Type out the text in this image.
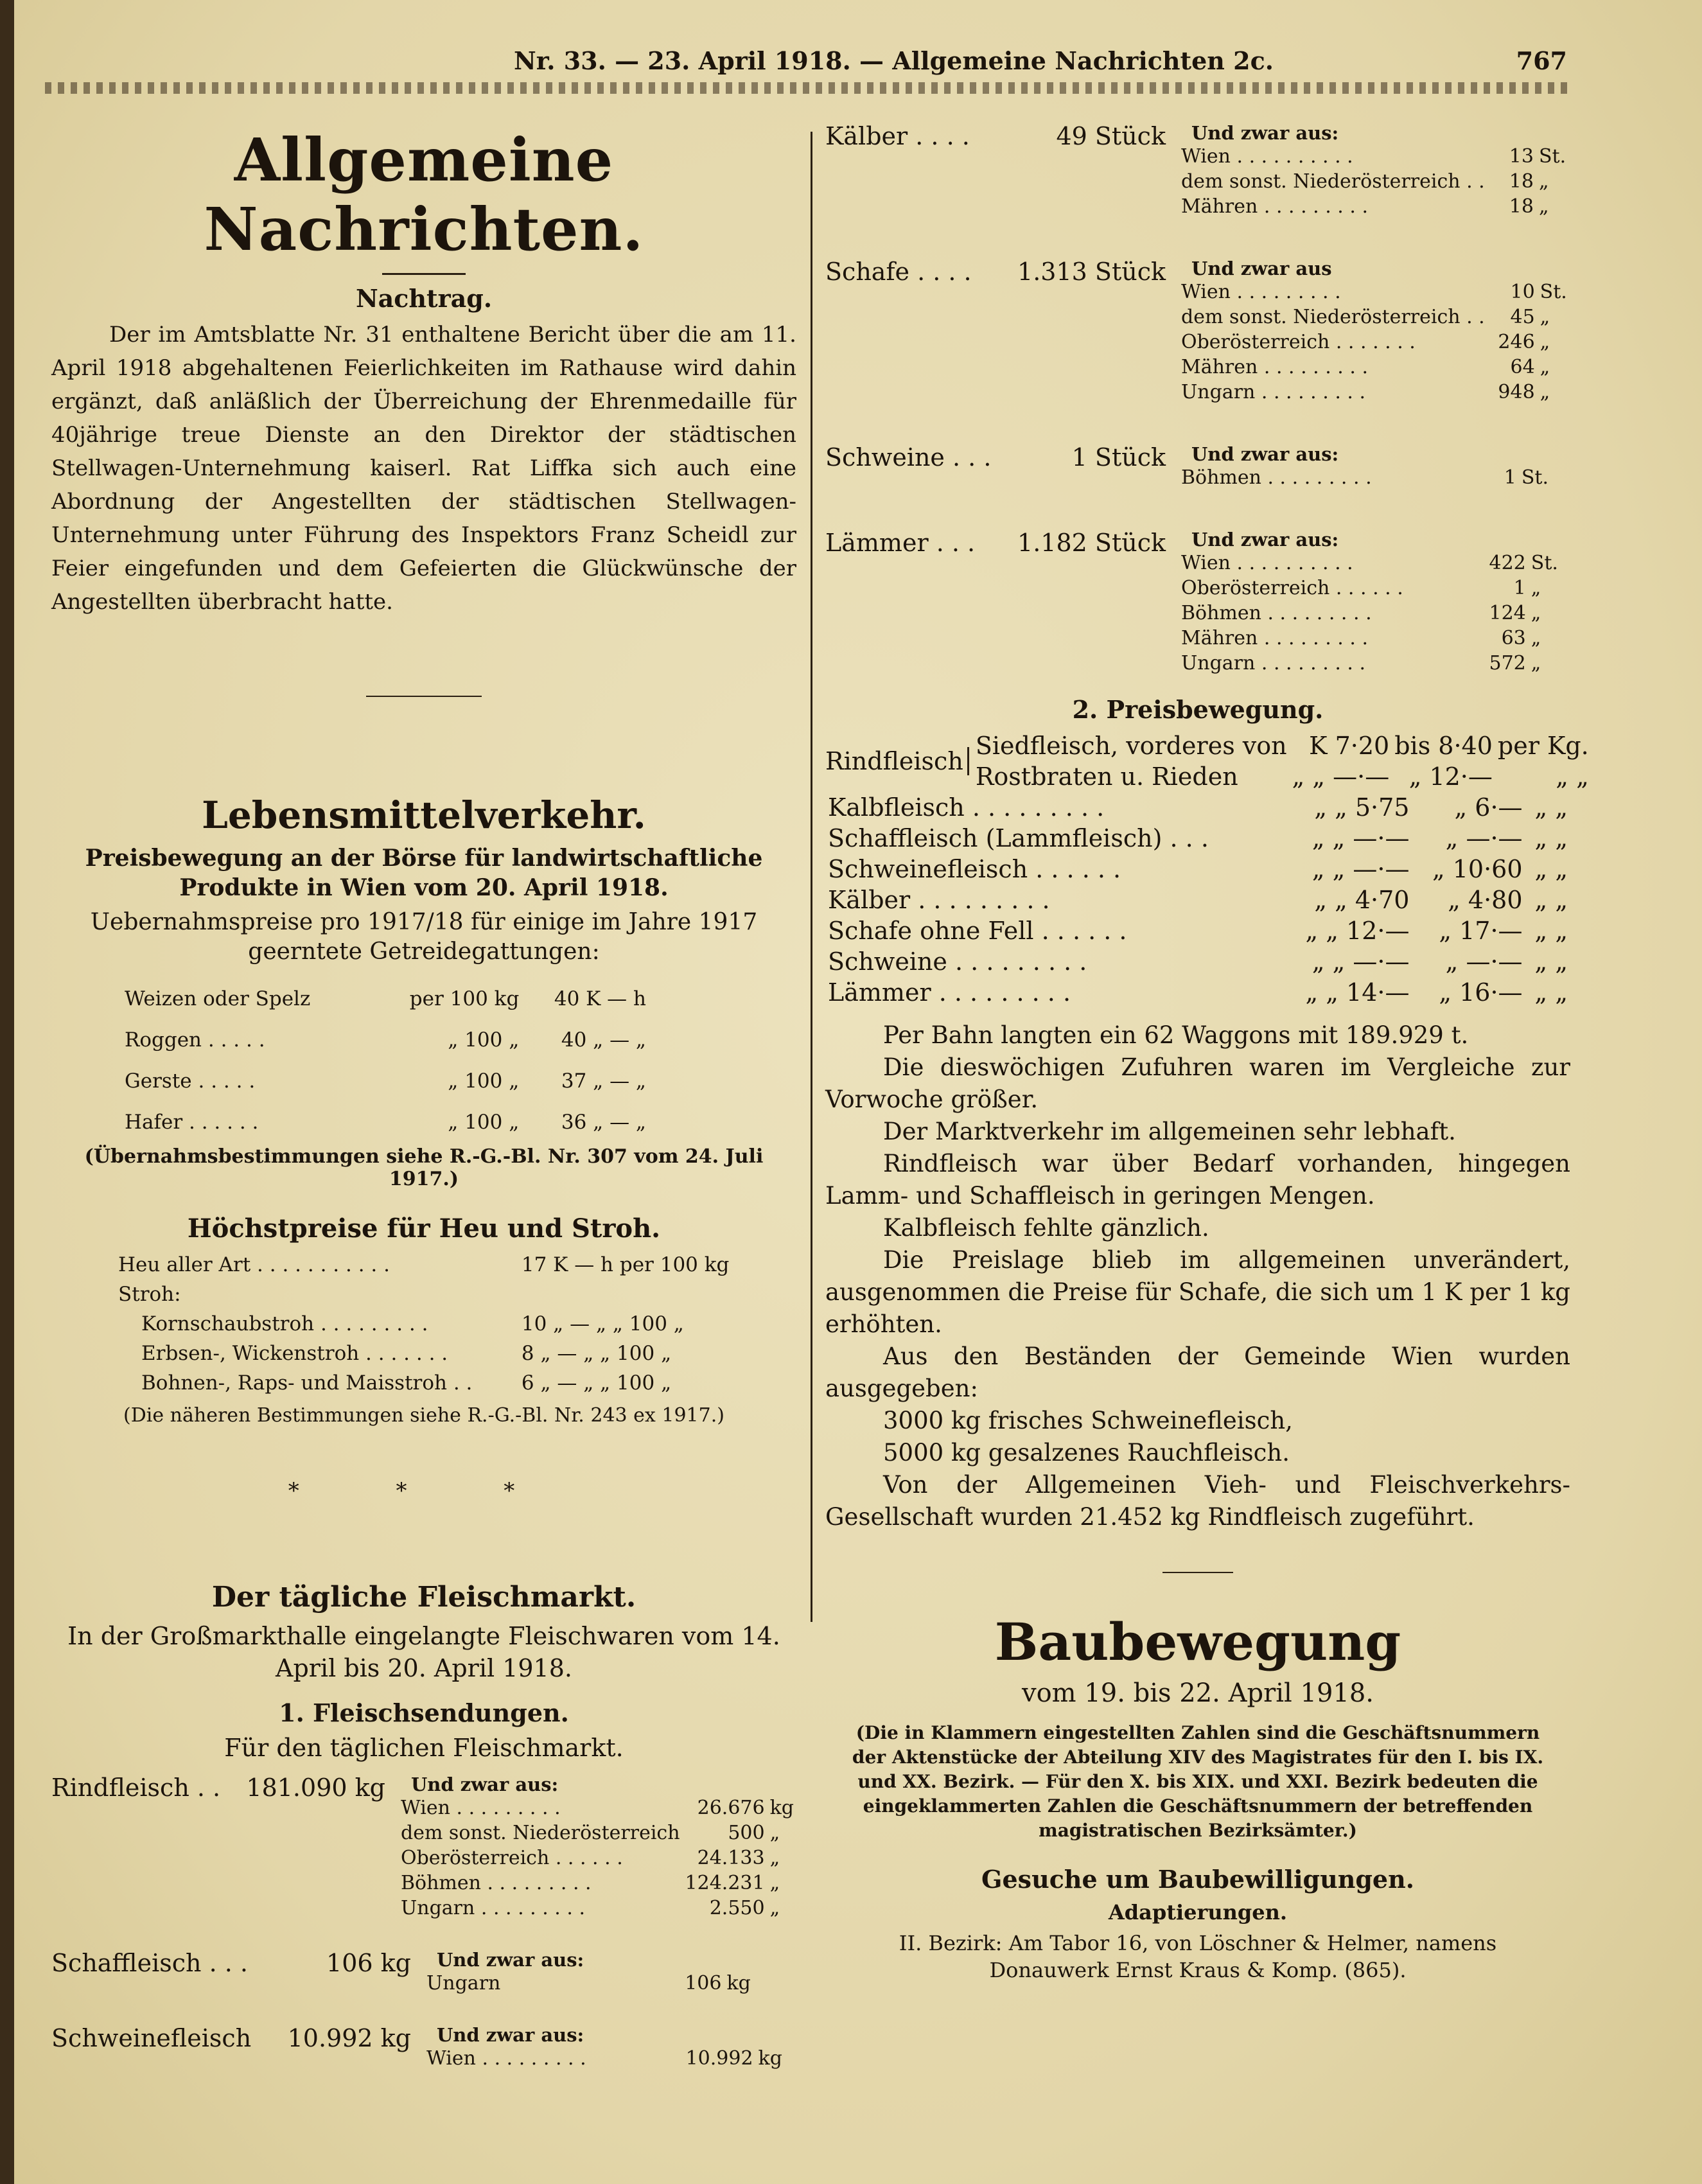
Nr. 33. — 23. April 1918. — Allgemeine Nachrichten 2c.	767
Allgemeine Nachrichten.
Nachtrag.

Der im Amtsblatte Nr. 31 enthaltene Bericht über die am 11. April 1918 abgehaltenen Feierlichkeiten im Rathause wird dahin ergänzt, daß anläßlich der Überreichung der Ehrenmedaille für 40jährige treue Dienste an den Direktor der städtischen Stellwagen-Unternehmung kaiserl. Rat Liffka sich auch eine Abordnung der Angestellten der städtischen Stellwagen-Unternehmung unter Führung des Inspektors Franz Scheidl zur Feier eingefunden und dem Gefeierten die Glückwünsche der Angestellten überbracht hatte.

Lebensmittelverkehr.
Preisbewegung an der Börse für landwirtschaftliche Produkte in Wien vom 20. April 1918.
Uebernahmspreise pro 1917/18 für einige im Jahre 1917 geerntete Getreidegattungen:
Weizen oder Spelz	per 100 kg	40 K — h
Roggen . . . . .	„ 100 „	40 „ — „
Gerste . . . . .	„ 100 „	37 „ — „
Hafer . . . . . .	„ 100 „	36 „ — „
(Übernahmsbestimmungen siehe R.-G.-Bl. Nr. 307 vom 24. Juli 1917.)
Höchstpreise für Heu und Stroh.
Heu aller Art . . . . . . . . . . .	17 K — h per 100 kg
Stroh:	
Kornschaubstroh . . . . . . . . .	10 „ — „ „ 100 „
Erbsen-, Wickenstroh . . . . . . .	8 „ — „ „ 100 „
Bohnen-, Raps- und Maisstroh . .	6 „ — „ „ 100 „
(Die näheren Bestimmungen siehe R.-G.-Bl. Nr. 243 ex 1917.)
* * *
Der tägliche Fleischmarkt.
In der Großmarkthalle eingelangte Fleischwaren vom 14. April bis 20. April 1918.
1. Fleischsendungen.
Für den täglichen Fleischmarkt.
Rindfleisch . . 181.090 kg Und zwar aus:
Wien . . . . . . . . .	26.676	kg
dem sonst. Niederösterreich	500	„
Oberösterreich . . . . . .	24.133	„
Böhmen . . . . . . . . .	124.231	„
Ungarn . . . . . . . . .	2.550	„
Schaffleisch . . .	106 kg Und zwar aus:
Ungarn	106	kg
Schweinefleisch 10.992 kg Und zwar aus:
Wien . . . . . . . . .	10.992	kg
Kälber . . . .	49 Stück Und zwar aus:
Wien . . . . . . . . . .	13	St.
dem sonst. Niederösterreich . .	18	„
Mähren . . . . . . . . .	18	„
Schafe . . . . 1.313 Stück Und zwar aus
Wien . . . . . . . . .	10	St.
dem sonst. Niederösterreich . .	45	„
Oberösterreich . . . . . . .	246	„
Mähren . . . . . . . . .	64	„
Ungarn . . . . . . . . .	948	„
Schweine . . .	1 Stück Und zwar aus:
Böhmen . . . . . . . . .	1	St.
Lämmer . . . 1.182 Stück Und zwar aus:
Wien . . . . . . . . . .	422	St.
Oberösterreich . . . . . .	1	„
Böhmen . . . . . . . . .	124	„
Mähren . . . . . . . . .	63	„
Ungarn . . . . . . . . .	572	„
2. Preisbewegung.
Rindfleisch
Siedfleisch, vorderes von	K 7·20	bis 8·40	per Kg.
Rostbraten u. Rieden	„ „ —·—	„ 12·—	„ „
Kalbfleisch . . . . . . . . .	„ „ 5·75	„ 6·—	„ „
Schaffleisch (Lammfleisch) . . .	„ „ —·—	„ —·—	„ „
Schweinefleisch . . . . . .	„ „ —·—	„ 10·60	„ „
Kälber . . . . . . . . .	„ „ 4·70	„ 4·80	„ „
Schafe ohne Fell . . . . . .	„ „ 12·—	„ 17·—	„ „
Schweine . . . . . . . . .	„ „ —·—	„ —·—	„ „
Lämmer . . . . . . . . .	„ „ 14·—	„ 16·—	„ „

Per Bahn langten ein 62 Waggons mit 189.929 t.

Die dieswöchigen Zufuhren waren im Vergleiche zur Vorwoche größer.

Der Marktverkehr im allgemeinen sehr lebhaft.

Rindfleisch war über Bedarf vorhanden, hingegen Lamm- und Schaffleisch in geringen Mengen.

Kalbfleisch fehlte gänzlich.

Die Preislage blieb im allgemeinen unverändert, ausgenommen die Preise für Schafe, die sich um 1 K per 1 kg erhöhten.

Aus den Beständen der Gemeinde Wien wurden ausgegeben:

3000 kg frisches Schweinefleisch,

5000 kg gesalzenes Rauchfleisch.

Von der Allgemeinen Vieh- und Fleischverkehrs-Gesellschaft wurden 21.452 kg Rindfleisch zugeführt.

Baubewegung
vom 19. bis 22. April 1918.
(Die in Klammern eingestellten Zahlen sind die Geschäftsnummern der Aktenstücke der Abteilung XIV des Magistrates für den I. bis IX. und XX. Bezirk. — Für den X. bis XIX. und XXI. Bezirk bedeuten die eingeklammerten Zahlen die Geschäftsnummern der betreffenden magistratischen Bezirksämter.)
Gesuche um Baubewilligungen.
Adaptierungen.
II. Bezirk: Am Tabor 16, von Löschner & Helmer, namens Donauwerk Ernst Kraus & Komp. (865).
